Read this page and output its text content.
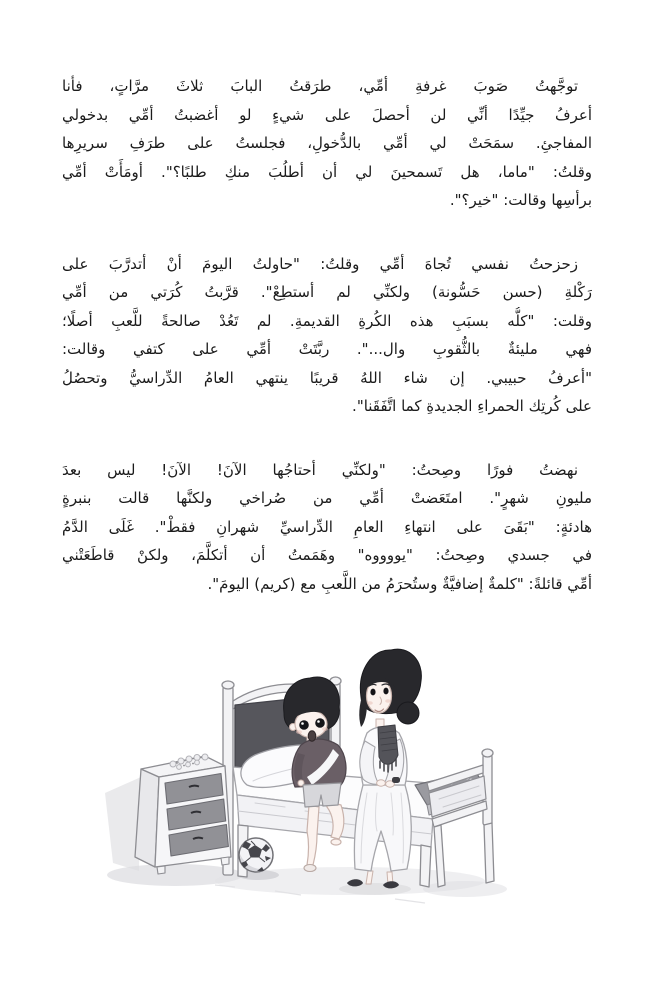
توجَّهتُ صَوبَ غرفةِ أمِّي، طرَقتُ البابَ ثلاثَ مرَّاتٍ، فأنا
أعرفُ جيِّدًا أنِّي لن أحصلَ على شيءٍ لو أغضبتُ أمِّي بدخولي
المفاجئِ. سمَحَتْ لي أمِّي بالدُّخولِ، فجلستُ على طرَفِ سريرِها
وقلتُ: "ماما، هل تَسمحينَ لي أن أطلُبَ منكِ طلبًا؟". أومَأَتْ أمِّي
برأسِها وقالت: "خير؟".
زحزحتُ نفسي تُجاهَ أمِّي وقلتُ: "حاولتُ اليومَ أنْ أتدرَّبَ على
رَكْلةِ (حسن حَسُّونة) ولكنِّي لم أستطِعْ". قرَّبتُ كُرَتي من أمِّي
وقلت: "كلُّه بسبَبِ هذه الكُرةِ القديمةِ. لم تَعُدْ صالحةً للَّعبِ أصلًا؛
فهي مليئةٌ بالثُّقوبِ وال...". ربَّتَتْ أمِّي على كتفي وقالت:
"أعرفُ حبيبي. إن شاء اللهُ قريبًا ينتهي العامُ الدِّراسيُّ وتحصُلُ
على كُرتِك الحمراءِ الجديدةِ كما اتَّفَقَنا".
نهضتُ فورًا وصِحتُ: "ولكنِّي أحتاجُها الآنَ! الآنَ! ليس بعدَ
مليونِ شهرٍ". امتَعَضتْ أمِّي من صُراخي ولكنَّها قالت بنبرةٍ
هادئةٍ: "بَقَىَ على انتهاءِ العامِ الدِّراسيِّ شهرانِ فقطْ". غَلَى الدَّمُ
في جسدي وصِحتُ: "يووووه" وهَمَمتُ أن أتكلَّمَ، ولكنْ قاطَعَتْني
أمِّي قائلةً: "كلمةٌ إضافيَّةٌ وستُحرَمُ من اللَّعبِ مع (كريم) اليومَ".
